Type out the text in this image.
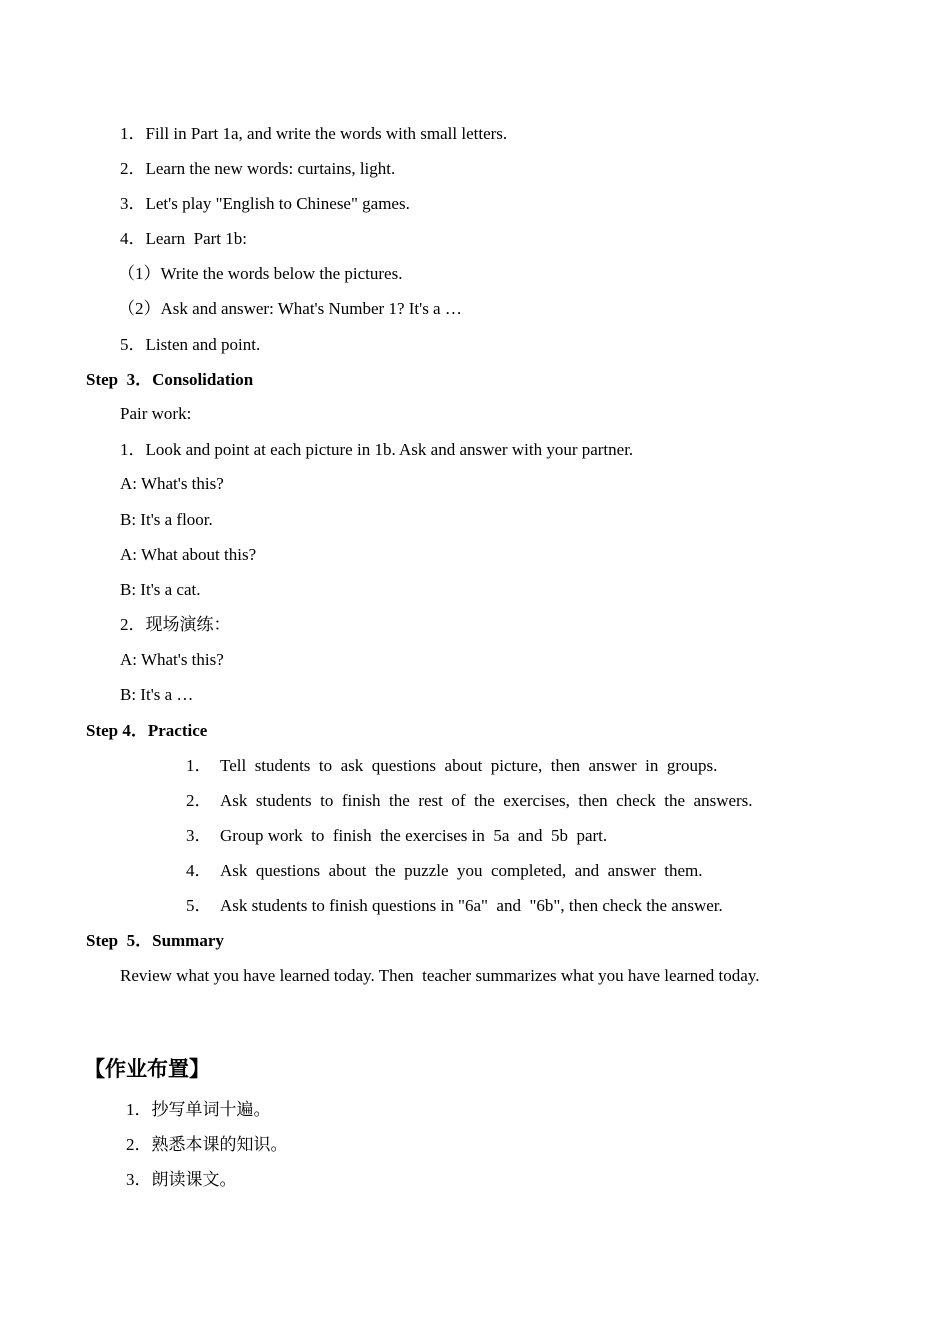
1．Fill in Part 1a, and write the words with small letters.
2．Learn the new words: curtains, light.
3．Let's play "English to Chinese" games.
4．Learn  Part 1b:
（1）Write the words below the pictures.
（2）Ask and answer: What's Number 1? It's a …
5．Listen and point.
Step  3．Consolidation
Pair work:
1．Look and point at each picture in 1b. Ask and answer with your partner.
A: What's this?
B: It's a floor.
A: What about this?
B: It's a cat.
2．现场演练：
A: What's this?
B: It's a …
Step 4．Practice
1． Tell  students  to  ask  questions  about  picture,  then  answer  in  groups.
2． Ask  students  to  finish  the  rest  of  the  exercises,  then  check  the  answers.
3． Group work  to  finish  the exercises in  5a  and  5b  part.
4． Ask  questions  about  the  puzzle  you  completed,  and  answer  them.
5． Ask students to finish questions in "6a"  and  "6b", then check the answer.
Step  5．Summary
Review what you have learned today. Then  teacher summarizes what you have learned today.
【作业布置】
1．抄写单词十遍。
2．熟悉本课的知识。
3．朗读课文。
